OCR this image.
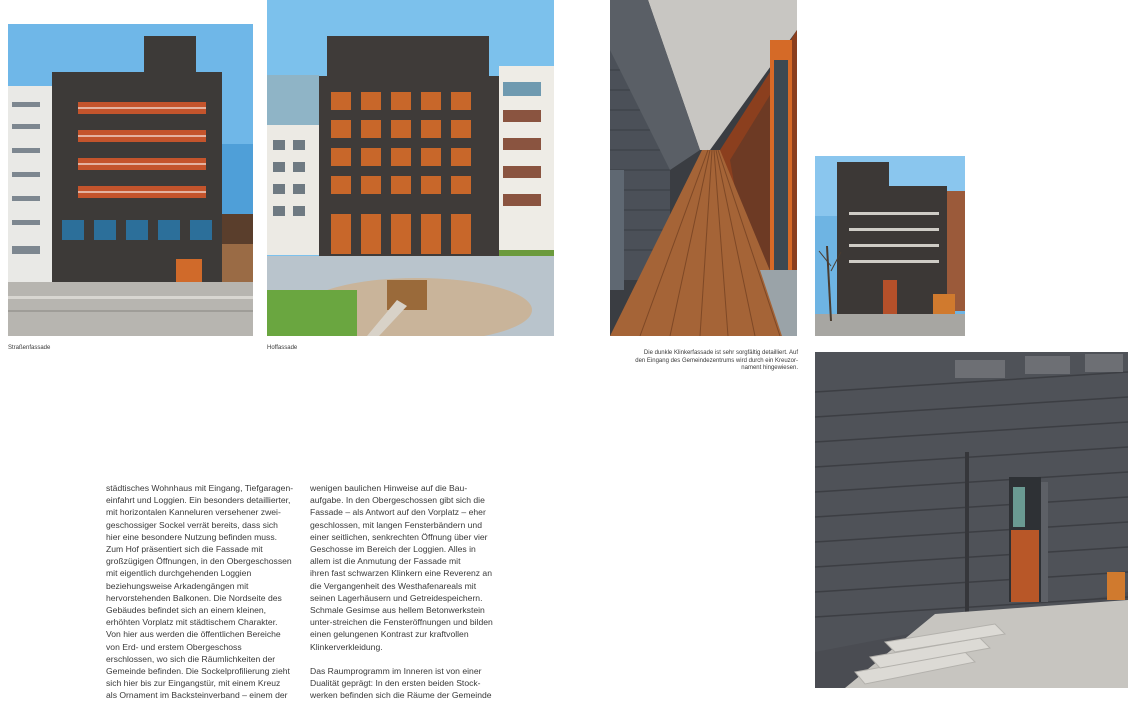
Straßenfassade	Hoffassade
Die dunkle Klinkerfassade ist sehr sorgfältig detailliert. Auf
den Eingang des Gemeindezentrums wird durch ein Kreuzor-
nament hingewiesen.

städtisches Wohnhaus mit Eingang, Tiefgaragen-
einfahrt und Loggien. Ein besonders detaillierter,
mit horizontalen Kanneluren versehener zwei-
geschossiger Sockel verrät bereits, dass sich
hier eine besondere Nutzung befinden muss.
Zum Hof präsentiert sich die Fassade mit
großzügigen Öffnungen, in den Obergeschossen
mit eigentlich durchgehenden Loggien
beziehungsweise Arkadengängen mit
hervorstehenden Balkonen. Die Nordseite des
Gebäudes befindet sich an einem kleinen,
erhöhten Vorplatz mit städtischem Charakter.
Von hier aus werden die öffentlichen Bereiche
von Erd- und erstem Obergeschoss
erschlossen, wo sich die Räumlichkeiten der
Gemeinde befinden. Die Sockelprofilierung zieht
sich hier bis zur Eingangstür, mit einem Kreuz
als Ornament im Backsteinverband – einem der

wenigen baulichen Hinweise auf die Bau-
aufgabe. In den Obergeschossen gibt sich die
Fassade – als Antwort auf den Vorplatz – eher
geschlossen, mit langen Fensterbändern und
einer seitlichen, senkrechten Öffnung über vier
Geschosse im Bereich der Loggien. Alles in
allem ist die Anmutung der Fassade mit
ihren fast schwarzen Klinkern eine Reverenz an
die Vergangenheit des Westhafenareals mit
seinen Lagerhäusern und Getreidespeichern.
Schmale Gesimse aus hellem Betonwerkstein
unter-streichen die Fensteröffnungen und bilden
einen gelungenen Kontrast zur kraftvollen
Klinkerverkleidung.

Das Raumprogramm im Inneren ist von einer
Dualität geprägt: In den ersten beiden Stock-
werken befinden sich die Räume der Gemeinde
